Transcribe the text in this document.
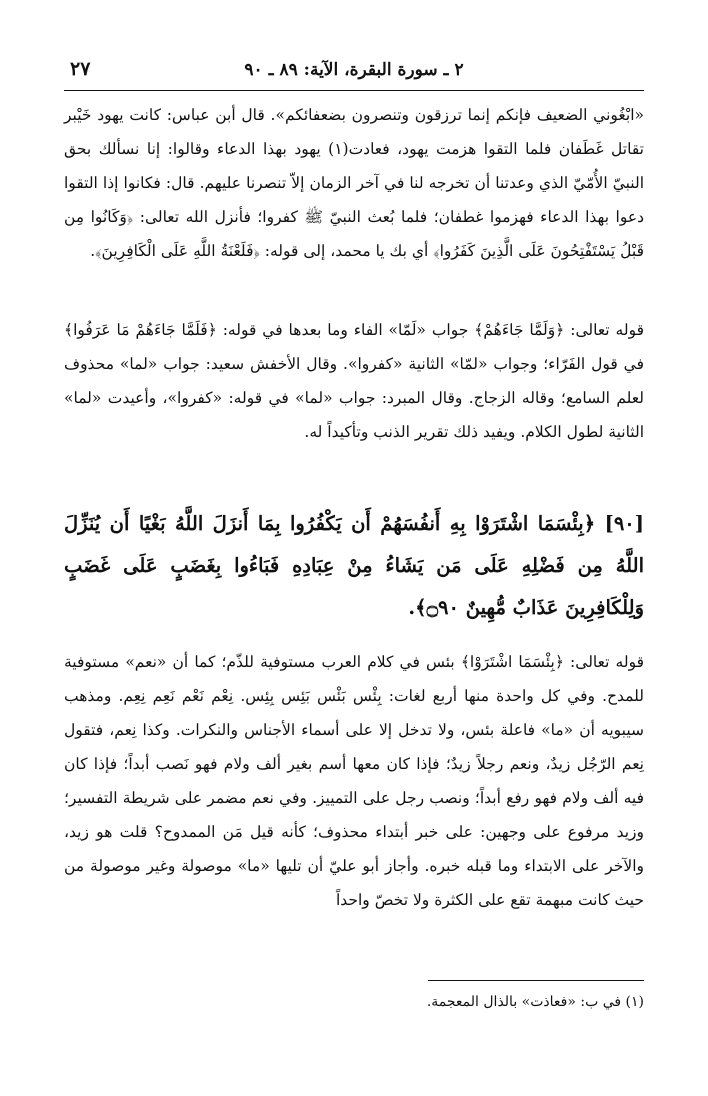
٢ ـ سورة البقرة، الآية: ٨٩ ـ ٩٠
٢٧

«ابْغُوني الضعيف فإنكم إنما ترزقون وتنصرون بضعفائكم». قال أبن عباس: كانت يهود خَيْبر تقاتل غَطَفان فلما التقوا هزمت يهود، فعادت(١) يهود بهذا الدعاء وقالوا: إنا نسألك بحق النبيّ الأُمّيّ الذي وعدتنا أن تخرجه لنا في آخر الزمان إلاّ تنصرنا عليهم. قال: فكانوا إذا التقوا دعوا بهذا الدعاء فهزموا غطفان؛ فلما بُعث النبيّ ﷺ كفروا؛ فأنزل الله تعالى: ﴿وَكَانُوا مِن قَبْلُ يَسْتَفْتِحُونَ عَلَى الَّذِينَ كَفَرُوا﴾ أي بك يا محمد، إلى قوله: ﴿فَلَعْنَةُ اللَّهِ عَلَى الْكَافِرِينَ﴾.

قوله تعالى: ﴿وَلَمَّا جَاءَهُمْ﴾ جواب «لَمّا» الفاء وما بعدها في قوله: ﴿فَلَمَّا جَاءَهُمْ مَا عَرَفُوا﴾ في قول الفَرّاء؛ وجواب «لمّا» الثانية «كفروا». وقال الأخفش سعيد: جواب «لما» محذوف لعلم السامع؛ وقاله الزجاج. وقال المبرد: جواب «لما» في قوله: «كفروا»، وأعيدت «لما» الثانية لطول الكلام. ويفيد ذلك تقرير الذنب وتأكيداً له.

[٩٠] ﴿بِئْسَمَا اشْتَرَوْا بِهِ أَنفُسَهُمْ أَن يَكْفُرُوا بِمَا أَنزَلَ اللَّهُ بَغْيًا أَن يُنَزِّلَ اللَّهُ مِن فَضْلِهِ عَلَى مَن يَشَاءُ مِنْ عِبَادِهِ فَبَاءُوا بِغَضَبٍ عَلَى غَضَبٍ وَلِلْكَافِرِينَ عَذَابٌ مُّهِينٌ ۝٩٠﴾.

قوله تعالى: ﴿بِئْسَمَا اشْتَرَوْا﴾ بئس في كلام العرب مستوفية للذّم؛ كما أن «نعم» مستوفية للمدح. وفي كل واحدة منها أربع لغات: بِئْس بَئْس بَئِس بِئِس. نِعْم نَعْم نَعِم نِعِم. ومذهب سيبويه أن «ما» فاعلة بئس، ولا تدخل إلا على أسماء الأجناس والنكرات. وكذا نِعم، فتقول نِعم الرّجُل زيدٌ، ونعم رجلاً زيدٌ؛ فإذا كان معها أسم بغير ألف ولام فهو نَصب أبداً؛ فإذا كان فيه ألف ولام فهو رفع أبداً؛ ونصب رجل على التمييز. وفي نعم مضمر على شريطة التفسير؛ وزيد مرفوع على وجهين: على خبر أبتداء محذوف؛ كأنه قيل مَن الممدوح؟ قلت هو زيد، والآخر على الابتداء وما قبله خبره. وأجاز أبو عليّ أن تليها «ما» موصولة وغير موصولة من حيث كانت مبهمة تقع على الكثرة ولا تخصّ واحداً

(١) في ب: «فعاذت» بالذال المعجمة.
